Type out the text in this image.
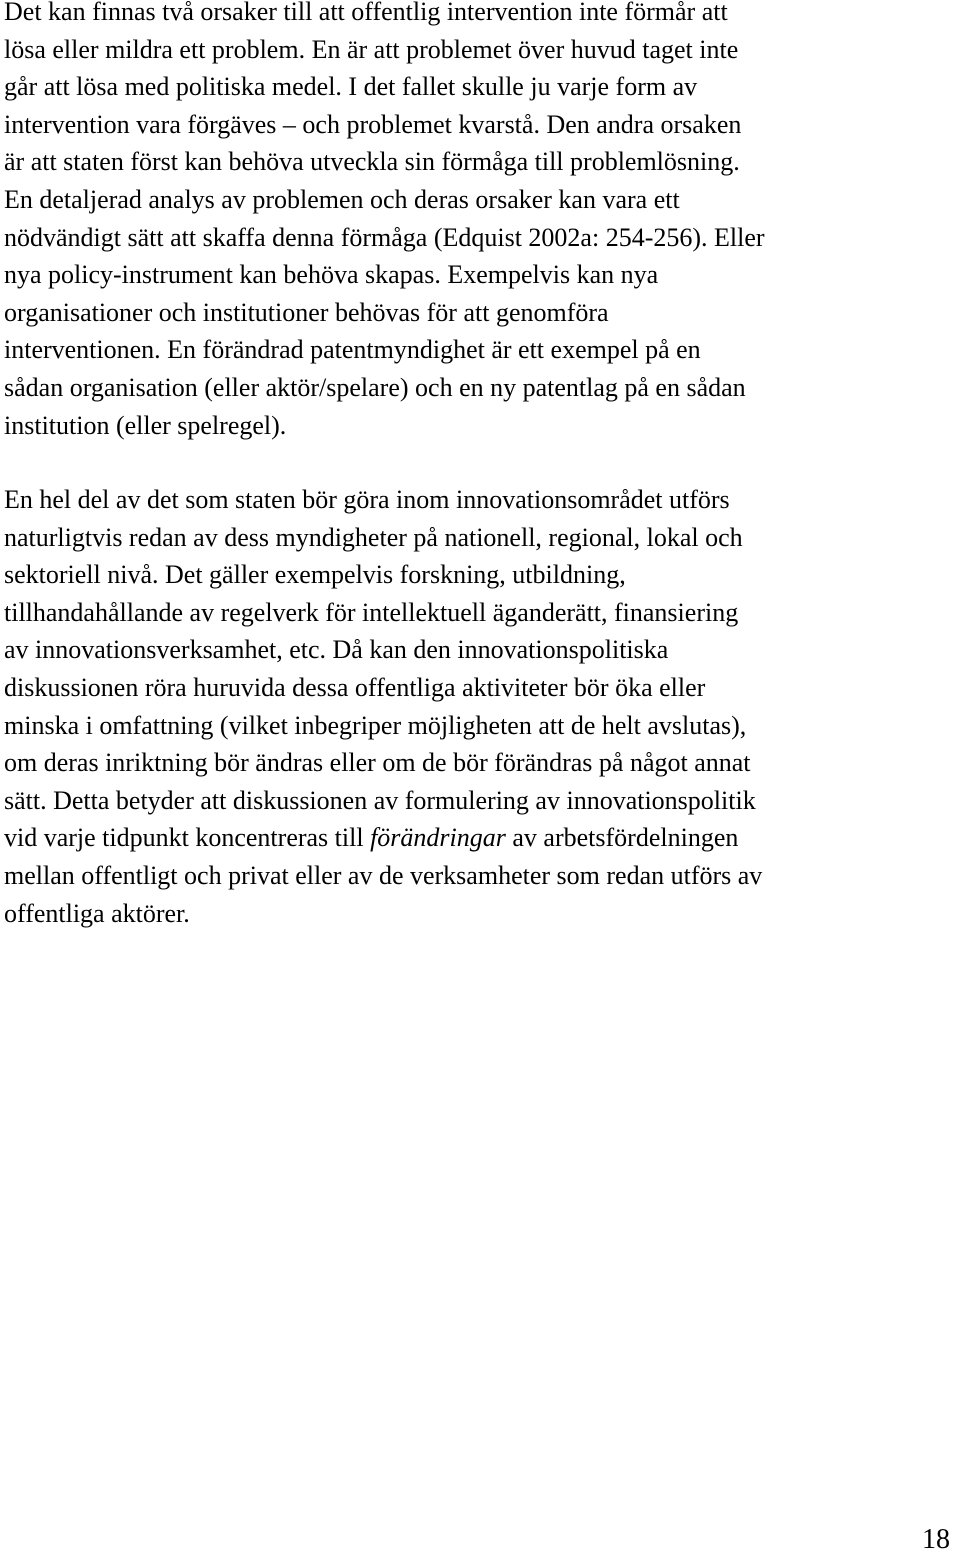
Det kan finnas två orsaker till att offentlig intervention inte förmår att
lösa eller mildra ett problem. En är att problemet över huvud taget inte
går att lösa med politiska medel. I det fallet skulle ju varje form av
intervention vara förgäves – och problemet kvarstå. Den andra orsaken
är att staten först kan behöva utveckla sin förmåga till problemlösning.
En detaljerad analys av problemen och deras orsaker kan vara ett
nödvändigt sätt att skaffa denna förmåga (Edquist 2002a: 254-256). Eller
nya policy-instrument kan behöva skapas. Exempelvis kan nya
organisationer och institutioner behövas för att genomföra
interventionen. En förändrad patentmyndighet är ett exempel på en
sådan organisation (eller aktör/spelare) och en ny patentlag på en sådan
institution (eller spelregel).

En hel del av det som staten bör göra inom innovationsområdet utförs
naturligtvis redan av dess myndigheter på nationell, regional, lokal och
sektoriell nivå. Det gäller exempelvis forskning, utbildning,
tillhandahållande av regelverk för intellektuell äganderätt, finansiering
av innovationsverksamhet, etc. Då kan den innovationspolitiska
diskussionen röra huruvida dessa offentliga aktiviteter bör öka eller
minska i omfattning (vilket inbegriper möjligheten att de helt avslutas),
om deras inriktning bör ändras eller om de bör förändras på något annat
sätt. Detta betyder att diskussionen av formulering av innovationspolitik
vid varje tidpunkt koncentreras till förändringar av arbetsfördelningen
mellan offentligt och privat eller av de verksamheter som redan utförs av
offentliga aktörer.

18
